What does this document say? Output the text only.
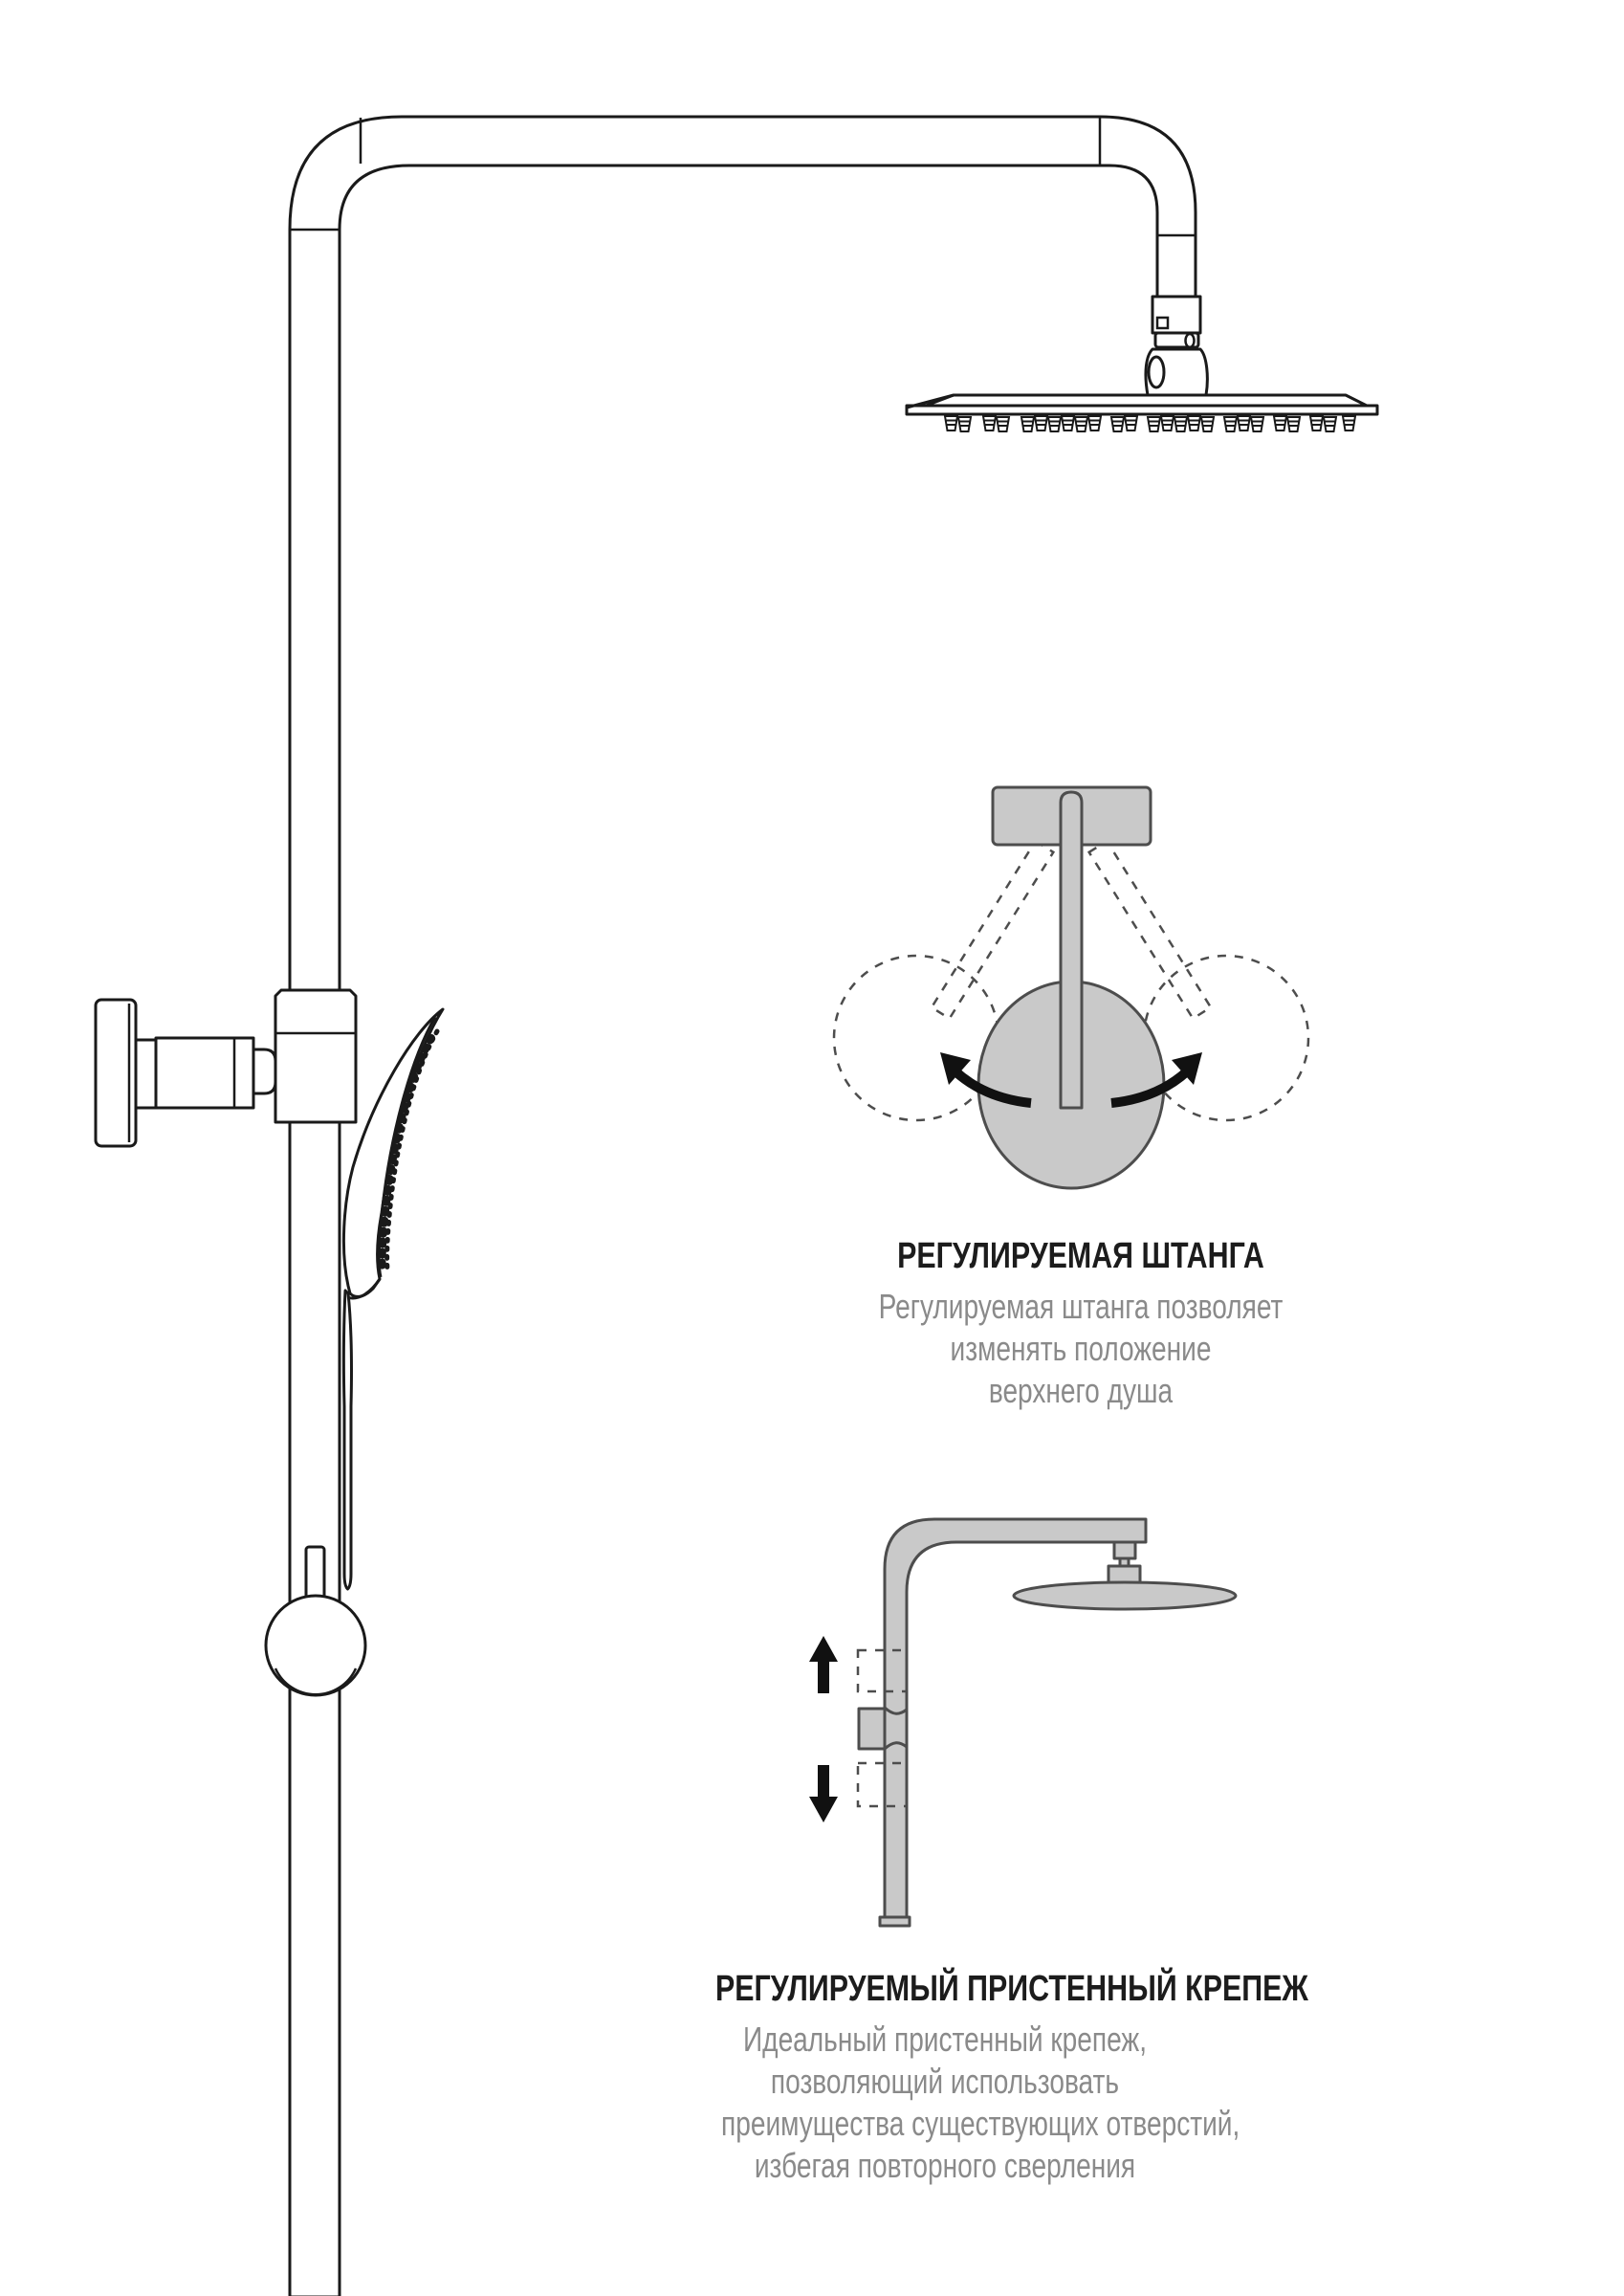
РЕГУЛИРУЕМАЯ ШТАНГА
Регулируемая штанга позволяет
изменять положение
верхнего душа
РЕГУЛИРУЕМЫЙ ПРИСТЕННЫЙ КРЕПЕЖ
Идеальный пристенный крепеж,
позволяющий использовать
преимущества существующих отверстий,
избегая повторного сверления
